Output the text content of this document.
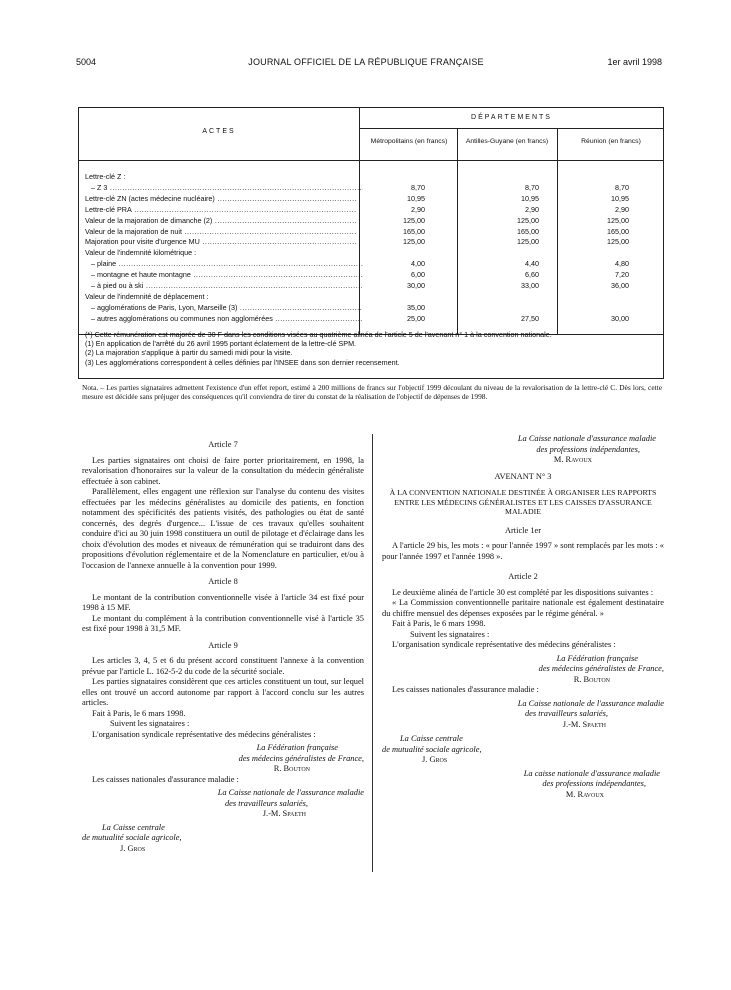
5004	JOURNAL OFFICIEL DE LA RÉPUBLIQUE FRANÇAISE	1er avril 1998
ACTES
DÉPARTEMENTS
Métropolitains (en francs)	Antilles-Guyane (en francs)	Réunion (en francs)
Lettre-clé Z :
– Z 3 .....	8,70	8,70	8,70
Lettre-clé ZN (actes médecine nucléaire) .....	10,95	10,95	10,95
Lettre-clé PRA .....	2,90	2,90	2,90
Valeur de la majoration de dimanche (2) .....	125,00	125,00	125,00
Valeur de la majoration de nuit .....	165,00	165,00	165,00
Majoration pour visite d'urgence MU .....	125,00	125,00	125,00
Valeur de l'indemnité kilométrique :
– plaine .....	4,00	4,40	4,80
– montagne et haute montagne .....	6,00	6,60	7,20
– à pied ou à ski .....	30,00	33,00	36,00
Valeur de l'indemnité de déplacement :
– agglomérations de Paris, Lyon, Marseille (3) .....	35,00
– autres agglomérations ou communes non agglomérées .....	25,00	27,50	30,00
(*) Cette rémunération est majorée de 30 F dans les conditions visées au quatrième alinéa de l'article 5 de l'avenant n° 1 à la convention nationale.
(1) En application de l'arrêté du 26 avril 1995 portant éclatement de la lettre-clé SPM.
(2) La majoration s'applique à partir du samedi midi pour la visite.
(3) Les agglomérations correspondent à celles définies par l'INSEE dans son dernier recensement.
Nota. – Les parties signataires admettent l'existence d'un effet report, estimé à 200 millions de francs sur l'objectif 1999 découlant du niveau de la revalorisation de la lettre-clé C. Dès lors, cette mesure est décidée sans préjuger des conséquences qu'il conviendra de tirer du constat de la réalisation de l'objectif de dépenses de 1998.
Article 7

Les parties signataires ont choisi de faire porter prioritairement, en 1998, la revalorisation d'honoraires sur la valeur de la consultation du médecin généraliste effectuée à son cabinet.

Parallèlement, elles engagent une réflexion sur l'analyse du contenu des visites effectuées par les médecins généralistes au domicile des patients, en fonction notamment des spécificités des patients visités, des pathologies ou état de santé concernés, des degrés d'urgence... L'issue de ces travaux qu'elles souhaitent conduire d'ici au 30 juin 1998 constituera un outil de pilotage et d'éclairage dans les choix d'évolution des modes et niveaux de rémunération qui se traduiront dans des propositions d'évolution réglementaire et de la Nomenclature en particulier, et/ou à l'occasion de l'annexe annuelle à la convention pour 1999.

Article 8

Le montant de la contribution conventionnelle visée à l'article 34 est fixé pour 1998 à 15 MF.

Le montant du complément à la contribution conventionnelle visé à l'article 35 est fixé pour 1998 à 31,5 MF.

Article 9

Les articles 3, 4, 5 et 6 du présent accord constituent l'annexe à la convention prévue par l'article L. 162-5-2 du code de la sécurité sociale.

Les parties signataires considèrent que ces articles constituent un tout, sur lequel elles ont trouvé un accord autonome par rapport à l'accord conclu sur les autres articles.

Fait à Paris, le 6 mars 1998.

Suivent les signataires :
L'organisation syndicale représentative des médecins généralistes :
La Fédération française
des médecins généralistes de France,
R. Bouton
Les caisses nationales d'assurance maladie :
La Caisse nationale de l'assurance maladie
des travailleurs salariés,
J.-M. Spaeth
La Caisse centrale
de mutualité sociale agricole,
J. Gros
La Caisse nationale d'assurance maladie
des professions indépendantes,
M. Ravoux
AVENANT N° 3
À LA CONVENTION NATIONALE DESTINÉE À ORGANISER LES RAPPORTS ENTRE LES MÉDECINS GÉNÉRALISTES ET LES CAISSES D'ASSURANCE MALADIE
Article 1er

A l'article 29 bis, les mots : « pour l'année 1997 » sont remplacés par les mots : « pour l'année 1997 et l'année 1998 ».

Article 2

Le deuxième alinéa de l'article 30 est complété par les dispositions suivantes :

« La Commission conventionnelle paritaire nationale est également destinataire du chiffre mensuel des dépenses exposées par le régime général. »

Fait à Paris, le 6 mars 1998.

Suivent les signataires :
L'organisation syndicale représentative des médecins généralistes :
La Fédération française
des médecins généralistes de France,
R. Bouton
Les caisses nationales d'assurance maladie :
La Caisse nationale de l'assurance maladie
des travailleurs salariés,
J.-M. Spaeth
La Caisse centrale
de mutualité sociale agricole,
J. Gros
La caisse nationale d'assurance maladie
des professions indépendantes,
M. Ravoux
